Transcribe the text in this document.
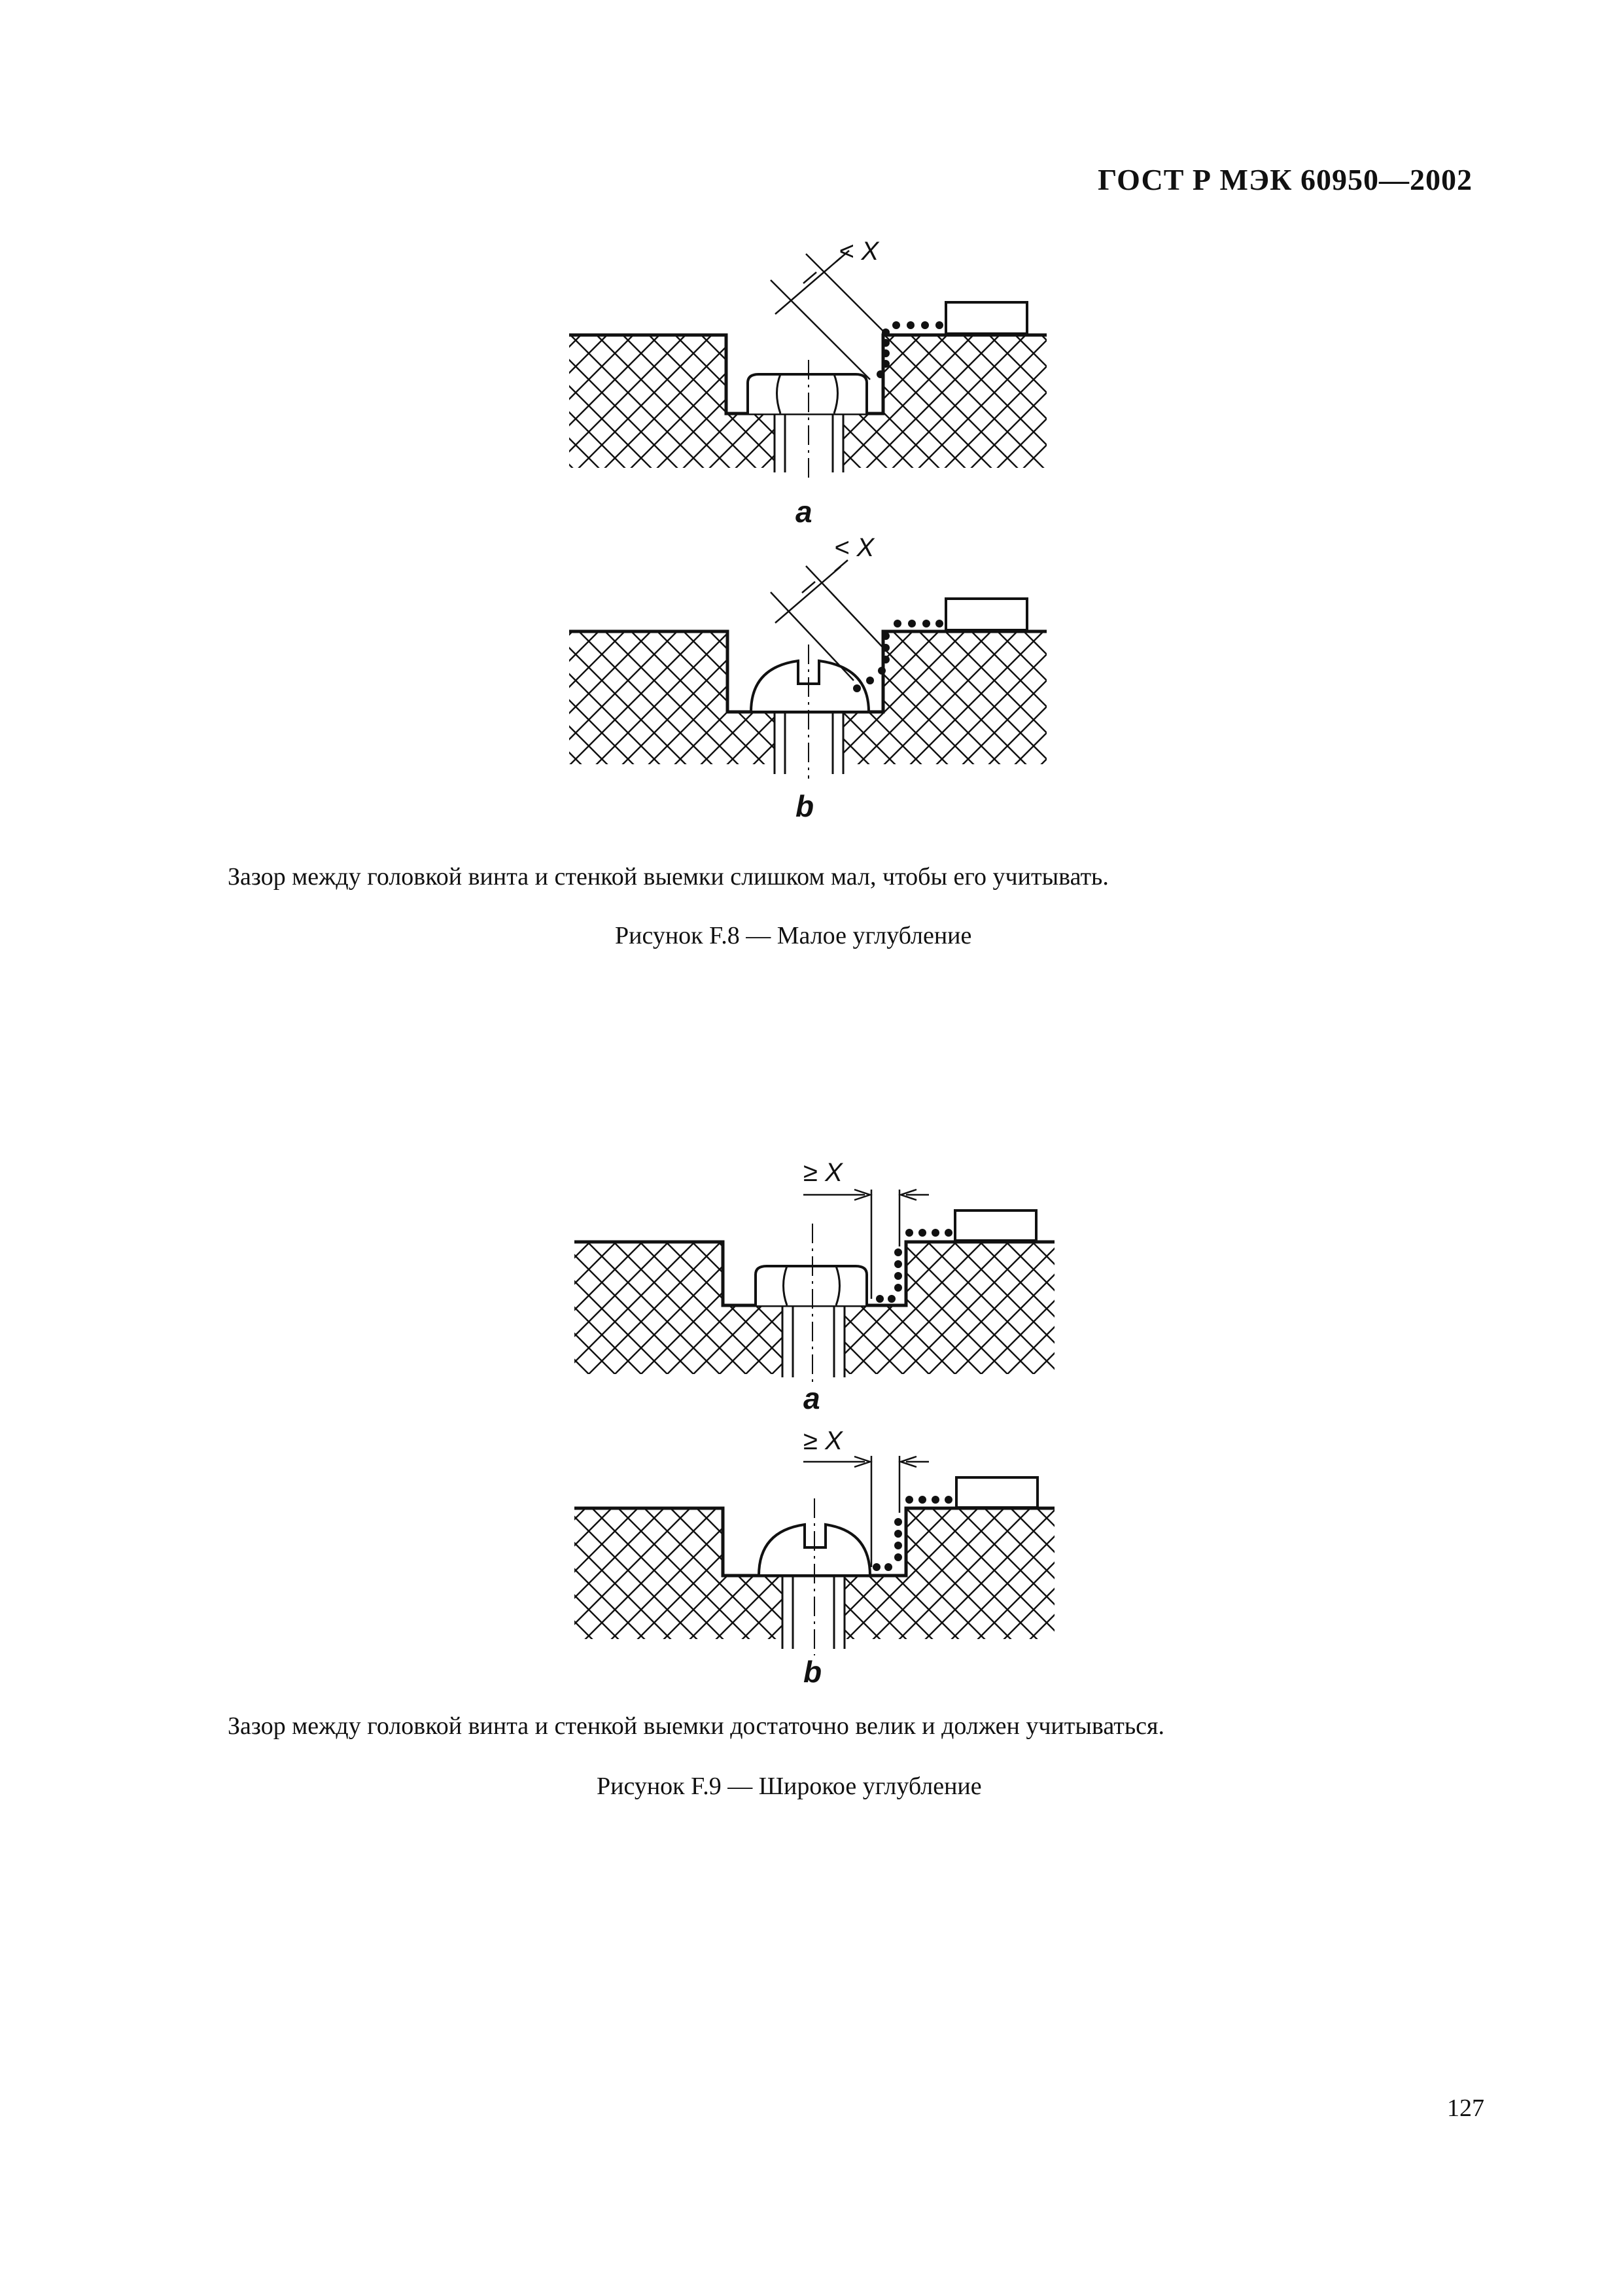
ГОСТ Р МЭК 60950—2002
< X
a
< X
b
Зазор между головкой винта и стенкой выемки слишком мал, чтобы его учитывать.
Рисунок F.8 — Малое углубление
≥ X
a
≥ X
b
Зазор между головкой винта и стенкой выемки достаточно велик и должен учитываться.
Рисунок F.9 — Широкое углубление
127
